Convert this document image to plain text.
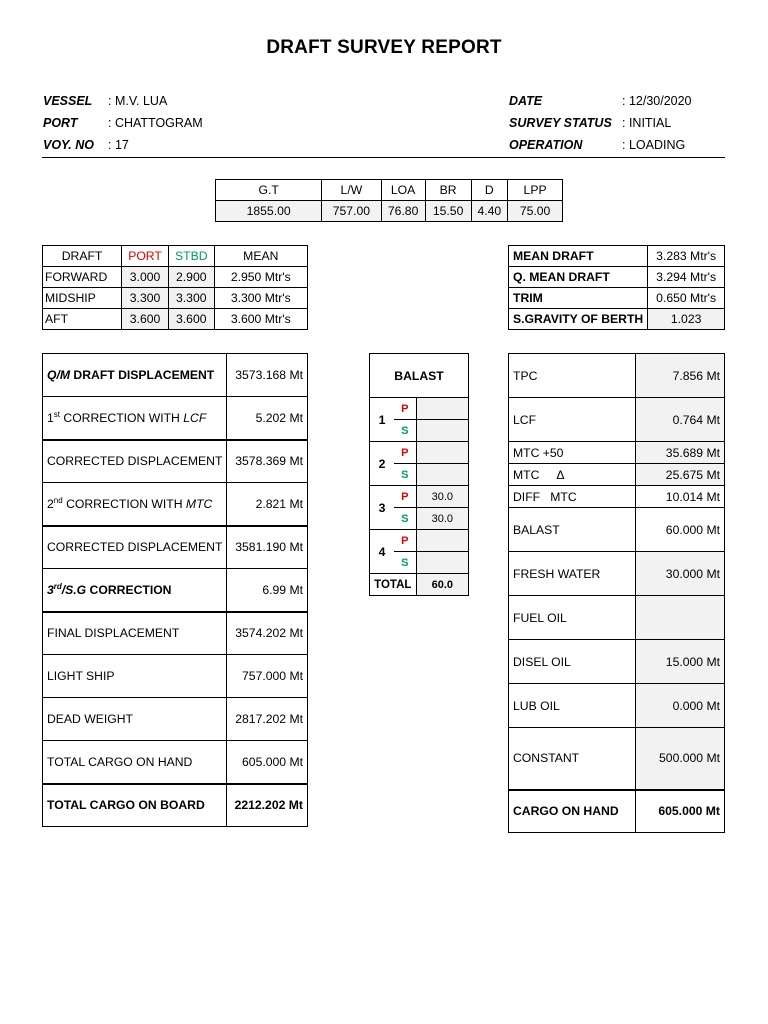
DRAFT SURVEY REPORT
VESSEL : M.V. LUA
PORT : CHATTOGRAM
VOY. NO : 17
DATE	: 12/30/2020
SURVEY STATUS : INITIAL
OPERATION	: LOADING
G.T	L/W	LOA	BR	D	LPP
1855.00	757.00	76.80	15.50	4.40	75.00
DRAFT	PORT	STBD	MEAN
FORWARD	3.000	2.900	2.950 Mtr's
MIDSHIP	3.300	3.300	3.300 Mtr's
AFT	3.600	3.600	3.600 Mtr's
MEAN DRAFT	3.283 Mtr's
Q. MEAN DRAFT	3.294 Mtr's
TRIM	0.650 Mtr's
S.GRAVITY OF BERTH	1.023
Q/M DRAFT DISPLACEMENT	3573.168 Mt
1st CORRECTION WITH LCF	5.202 Mt
CORRECTED DISPLACEMENT	3578.369 Mt
2nd CORRECTION WITH MTC	2.821 Mt
CORRECTED DISPLACEMENT	3581.190 Mt
3rd/S.G CORRECTION	6.99 Mt
FINAL DISPLACEMENT	3574.202 Mt
LIGHT SHIP	757.000 Mt
DEAD WEIGHT	2817.202 Mt
TOTAL CARGO ON HAND	605.000 Mt
TOTAL CARGO ON BOARD	2212.202 Mt
BALAST		
1	P	
	S	
2	P	
	S	
3	P	30.0
	S	30.0
4	P	
	S	
TOTAL		60.0
TPC	7.856 Mt
LCF	0.764 Mt
MTC +50	35.689 Mt
MTC     Δ	25.675 Mt
DIFF   MTC	10.014 Mt
BALAST	60.000 Mt
FRESH WATER	30.000 Mt
FUEL OIL	
DISEL OIL	15.000 Mt
LUB OIL	0.000 Mt
CONSTANT	500.000 Mt
CARGO ON HAND	605.000 Mt
